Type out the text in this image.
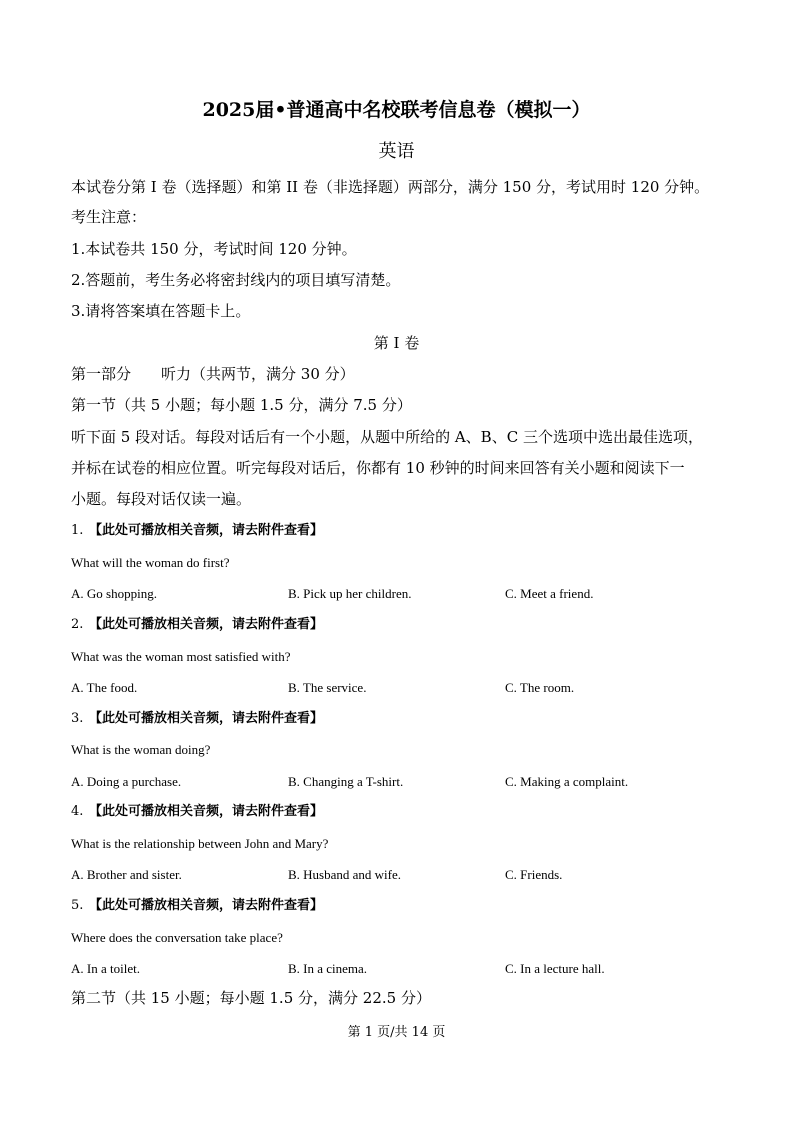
2025届•普通高中名校联考信息卷（模拟一）
英语
本试卷分第 I 卷（选择题）和第 II 卷（非选择题）两部分，满分 150 分，考试用时 120 分钟。
考生注意：
1.本试卷共 150 分，考试时间 120 分钟。
2.答题前，考生务必将密封线内的项目填写清楚。
3.请将答案填在答题卡上。
第 I 卷
第一部分　　听力（共两节，满分 30 分）
第一节（共 5 小题；每小题 1.5 分，满分 7.5 分）
听下面 5 段对话。每段对话后有一个小题，从题中所给的 A、B、C 三个选项中选出最佳选项，
并标在试卷的相应位置。听完每段对话后，你都有 10 秒钟的时间来回答有关小题和阅读下一
小题。每段对话仅读一遍。
1. 【此处可播放相关音频，请去附件查看】
What will the woman do first?
A. Go shopping.	B. Pick up her children.	C. Meet a friend.
2. 【此处可播放相关音频，请去附件查看】
What was the woman most satisfied with?
A. The food.	B. The service.	C. The room.
3. 【此处可播放相关音频，请去附件查看】
What is the woman doing?
A. Doing a purchase.	B. Changing a T-shirt.	C. Making a complaint.
4. 【此处可播放相关音频，请去附件查看】
What is the relationship between John and Mary?
A. Brother and sister.	B. Husband and wife.	C. Friends.
5. 【此处可播放相关音频，请去附件查看】
Where does the conversation take place?
A. In a toilet.	B. In a cinema.	C. In a lecture hall.
第二节（共 15 小题；每小题 1.5 分，满分 22.5 分）
第 1 页/共 14 页
